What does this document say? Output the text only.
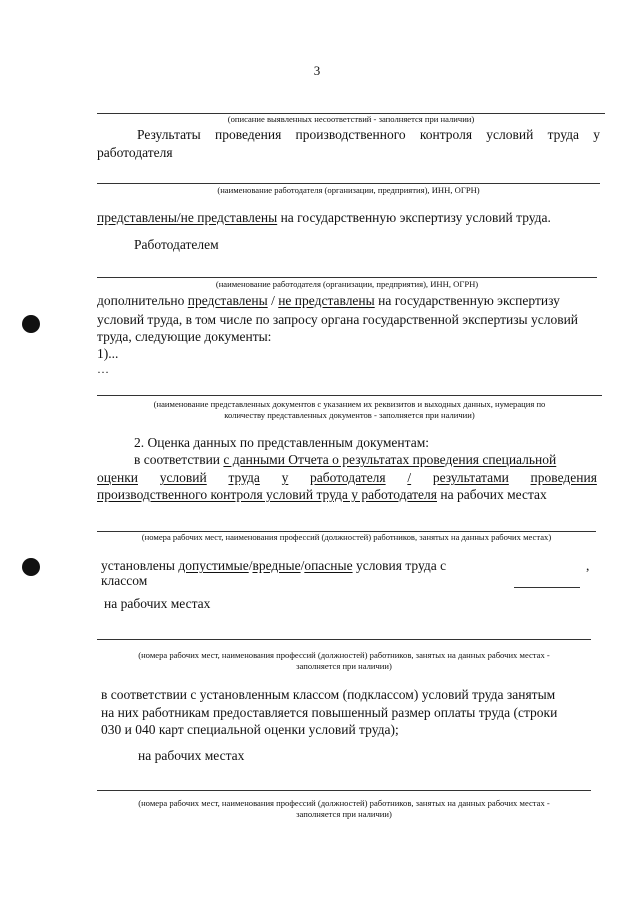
3
(описание выявленных несоответствий - заполняется при наличии)
Результаты проведения производственного контроля условий труда у
работодателя
(наименование работодателя (организации, предприятия), ИНН, ОГРН)
представлены/не представлены на государственную экспертизу условий труда.
Работодателем
(наименование работодателя (организации, предприятия), ИНН, ОГРН)
дополнительно представлены / не представлены на государственную экспертизу
условий труда, в том числе по запросу органа государственной экспертизы условий
труда, следующие документы:
1)...
…
(наименование представленных документов с указанием их реквизитов и выходных данных, нумерация по
количеству представленных документов - заполняется при наличии)
2. Оценка данных по представленным документам:
в соответствии с данными Отчета о результатах проведения специальной
оценки условий труда у работодателя / результатами проведения
производственного контроля условий труда у работодателя на рабочих местах
(номера рабочих мест, наименования профессий (должностей) работников, занятых на данных рабочих местах)
установлены допустимые/вредные/опасные условия труда с	,
классом
на рабочих местах
(номера рабочих мест, наименования профессий (должностей) работников, занятых на данных рабочих местах -
заполняется при наличии)
в соответствии с установленным классом (подклассом) условий труда занятым
на них работникам предоставляется повышенный размер оплаты труда (строки
030 и 040 карт специальной оценки условий труда);
на рабочих местах
(номера рабочих мест, наименования профессий (должностей) работников, занятых на данных рабочих местах -
заполняется при наличии)
